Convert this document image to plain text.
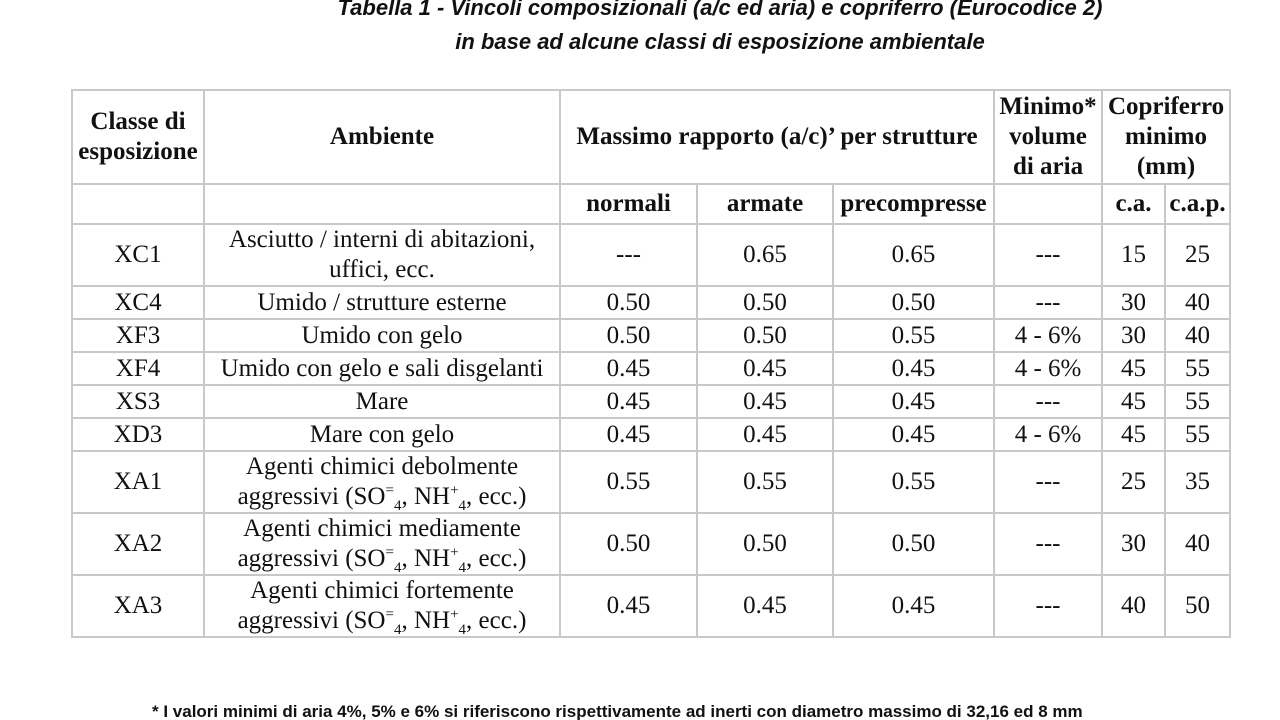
Tabella 1 - Vincoli composizionali (a/c ed aria) e copriferro (Eurocodice 2)
in base ad alcune classi di esposizione ambientale
Classe di esposizione	Ambiente	Massimo rapporto (a/c)’ per strutture			Minimo* volume di aria	Copriferro minimo (mm)	
		normali	armate	precompresse		c.a.	c.a.p.
XC1	Asciutto / interni di abitazioni, uffici, ecc.	---	0.65	0.65	---	15	25
XC4	Umido / strutture esterne	0.50	0.50	0.50	---	30	40
XF3	Umido con gelo	0.50	0.50	0.55	4 - 6%	30	40
XF4	Umido con gelo e sali disgelanti	0.45	0.45	0.45	4 - 6%	45	55
XS3	Mare	0.45	0.45	0.45	---	45	55
XD3	Mare con gelo	0.45	0.45	0.45	4 - 6%	45	55
XA1	Agenti chimici debolmente
aggressivi ($SO^=_4$, $NH^+_4$, ecc.)	0.55	0.55	0.55	---	25	35
XA2	Agenti chimici mediamente
aggressivi ($SO^=_4$, $NH^+_4$, ecc.)	0.50	0.50	0.50	---	30	40
XA3	Agenti chimici fortemente
aggressivi ($SO^=_4$, $NH^+_4$, ecc.)	0.45	0.45	0.45	---	40	50
* I valori minimi di aria 4%, 5% e 6% si riferiscono rispettivamente ad inerti con diametro massimo di 32,16 ed 8 mm
